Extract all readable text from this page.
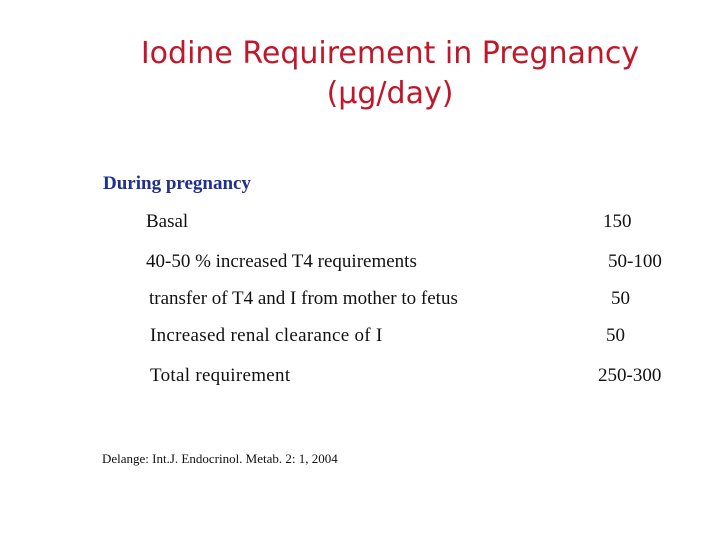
Iodine Requirement in Pregnancy
(μg/day)
During pregnancy
Basal	150
40-50 % increased T4 requirements	50-100
transfer of T4 and I from mother to fetus	50
Increased renal clearance of I	50
Total requirement	250-300
Delange: Int.J. Endocrinol. Metab. 2: 1, 2004
